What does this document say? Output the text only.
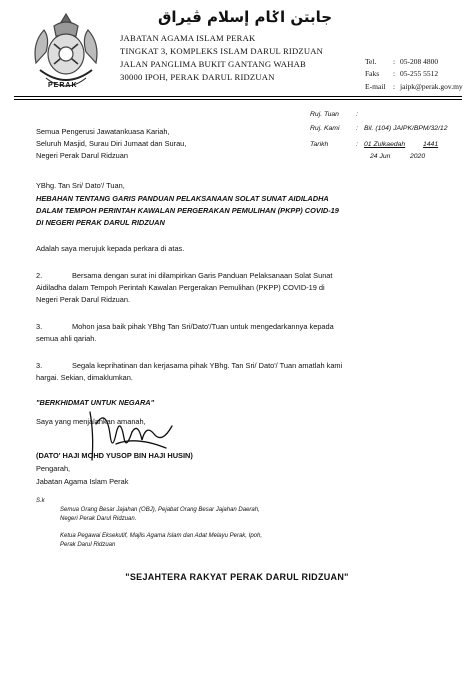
PERAK
جابتن اݢام إسلام ڤيراق
JABATAN AGAMA ISLAM PERAK
TINGKAT 3, KOMPLEKS ISLAM DARUL RIDZUAN
JALAN PANGLIMA BUKIT GANTANG WAHAB
30000 IPOH, PERAK DARUL RIDZUAN
Tel. : 05-208 4800
Faks : 05-255 5512
E-mail : jaipk@perak.gov.my
Ruj. Tuan	:
Ruj. Kami : Bil. (104) JAIPK/BPM/32/12
Tarikh	: 01 Zulkaedah	1441
24 Jun	2020
Semua Pengerusi Jawatankuasa Kariah,
Seluruh Masjid, Surau Diri Jumaat dan Surau,
Negeri Perak Darul Ridzuan
YBhg. Tan Sri/ Dato'/ Tuan,
HEBAHAN TENTANG GARIS PANDUAN PELAKSANAAN SOLAT SUNAT AIDILADHA
DALAM TEMPOH PERINTAH KAWALAN PERGERAKAN PEMULIHAN (PKPP) COVID-19
DI NEGERI PERAK DARUL RIDZUAN
Adalah saya merujuk kepada perkara di atas.
2.	Bersama dengan surat ini dilampirkan Garis Panduan Pelaksanaan Solat Sunat
Aidiladha dalam Tempoh Perintah Kawalan Pergerakan Pemulihan (PKPP) COVID-19 di
Negeri Perak Darul Ridzuan.
3.	Mohon jasa baik pihak YBhg Tan Sri/Dato'/Tuan untuk mengedarkannya kepada
semua ahli qariah.
3.	Segala keprihatinan dan kerjasama pihak YBhg. Tan Sri/ Dato'/ Tuan amatlah kami
hargai. Sekian, dimaklumkan.
"BERKHIDMAT UNTUK NEGARA"
Saya yang menjalankan amanah,
(DATO' HAJI MOHD YUSOP BIN HAJI HUSIN)
Pengarah,
Jabatan Agama Islam Perak
S.k
Semua Orang Besar Jajahan (OBJ), Pejabat Orang Besar Jajahan Daerah,
Negeri Perak Darul Ridzuan.
Ketua Pegawai Eksekutif, Majlis Agama Islam dan Adat Melayu Perak, Ipoh,
Perak Darul Ridzuan
"SEJAHTERA RAKYAT PERAK DARUL RIDZUAN"
